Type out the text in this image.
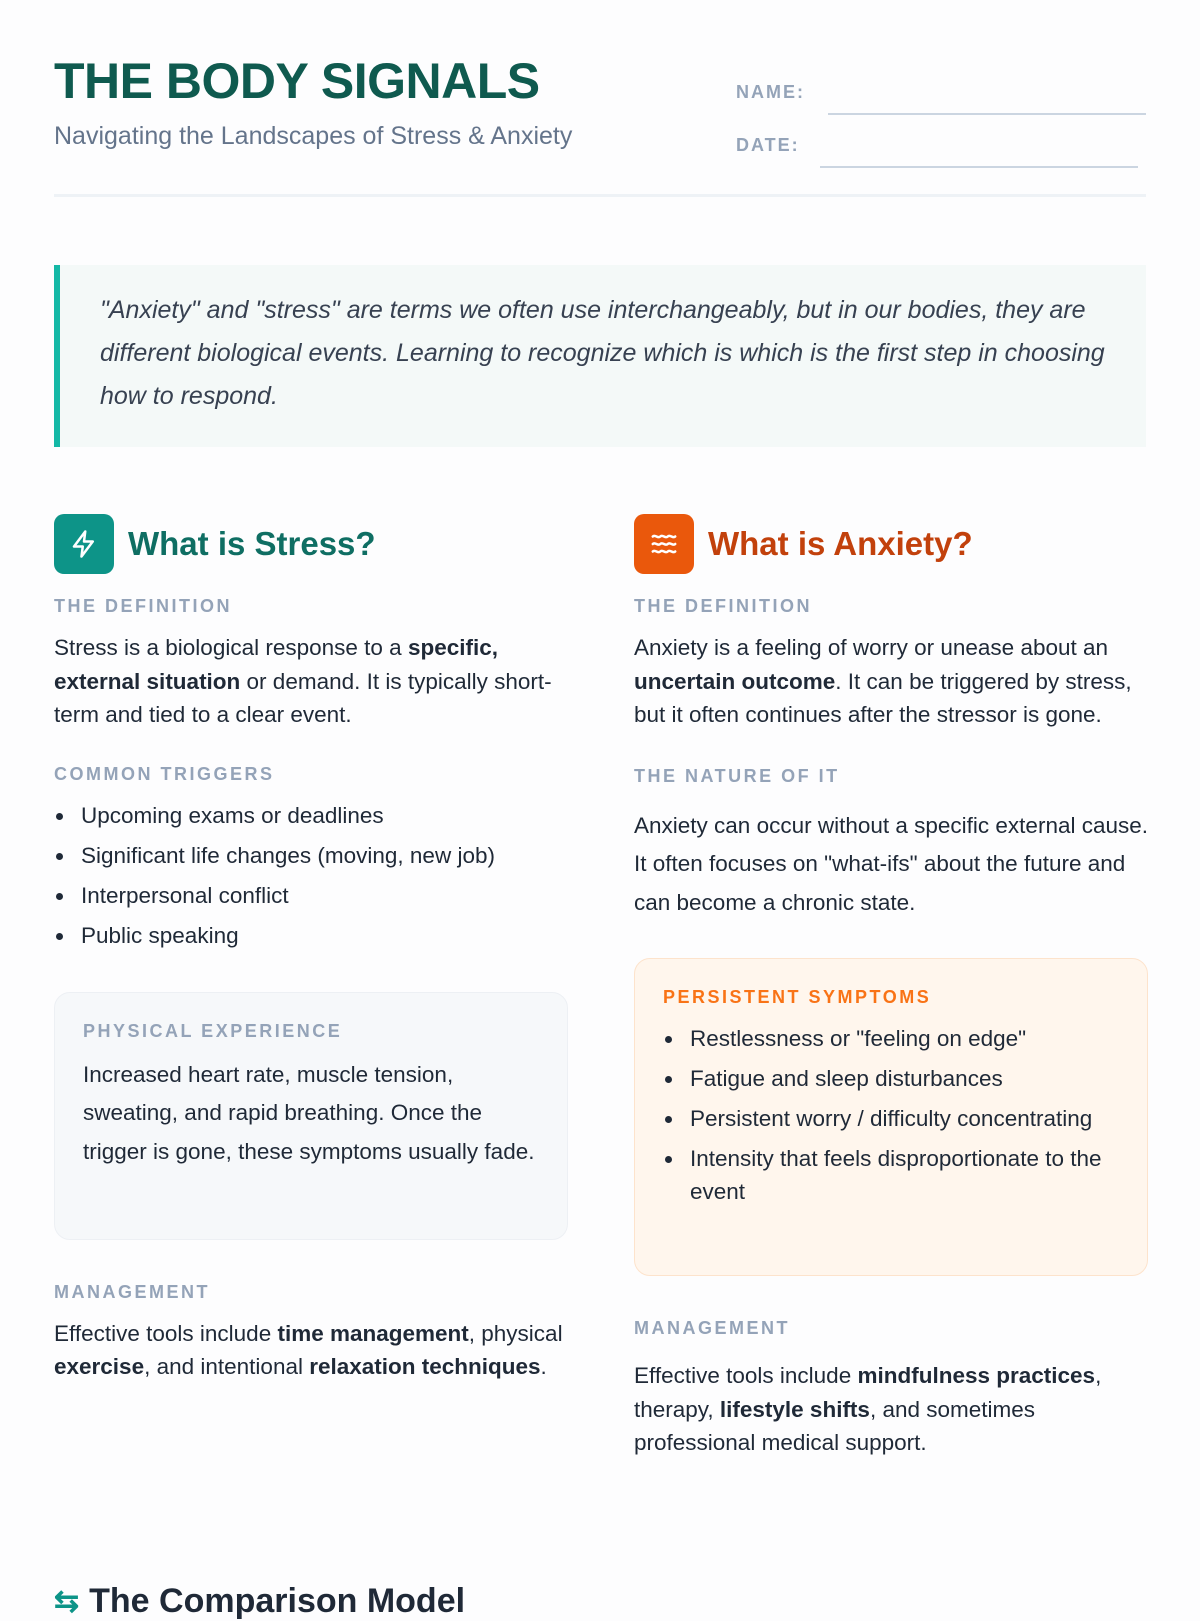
THE BODY SIGNALS
Navigating the Landscapes of Stress & Anxiety
NAME:
DATE:

"Anxiety" and "stress" are terms we often use interchangeably, but in our bodies, they are different biological events. Learning to recognize which is which is the first step in choosing how to respond.

What is Stress?
THE DEFINITION

Stress is a biological response to a specific, external situation or demand. It is typically short-term and tied to a clear event.

COMMON TRIGGERS
Upcoming exams or deadlines
Significant life changes (moving, new job)
Interpersonal conflict
Public speaking
PHYSICAL EXPERIENCE

Increased heart rate, muscle tension, sweating, and rapid breathing. Once the trigger is gone, these symptoms usually fade.

MANAGEMENT

Effective tools include time management, physical exercise, and intentional relaxation techniques.

What is Anxiety?
THE DEFINITION

Anxiety is a feeling of worry or unease about an uncertain outcome. It can be triggered by stress, but it often continues after the stressor is gone.

THE NATURE OF IT

Anxiety can occur without a specific external cause. It often focuses on "what-ifs" about the future and can become a chronic state.

PERSISTENT SYMPTOMS
Restlessness or "feeling on edge"
Fatigue and sleep disturbances
Persistent worry / difficulty concentrating
Intensity that feels disproportionate to the event
MANAGEMENT

Effective tools include mindfulness practices, therapy, lifestyle shifts, and sometimes professional medical support.

⇆ The Comparison Model
